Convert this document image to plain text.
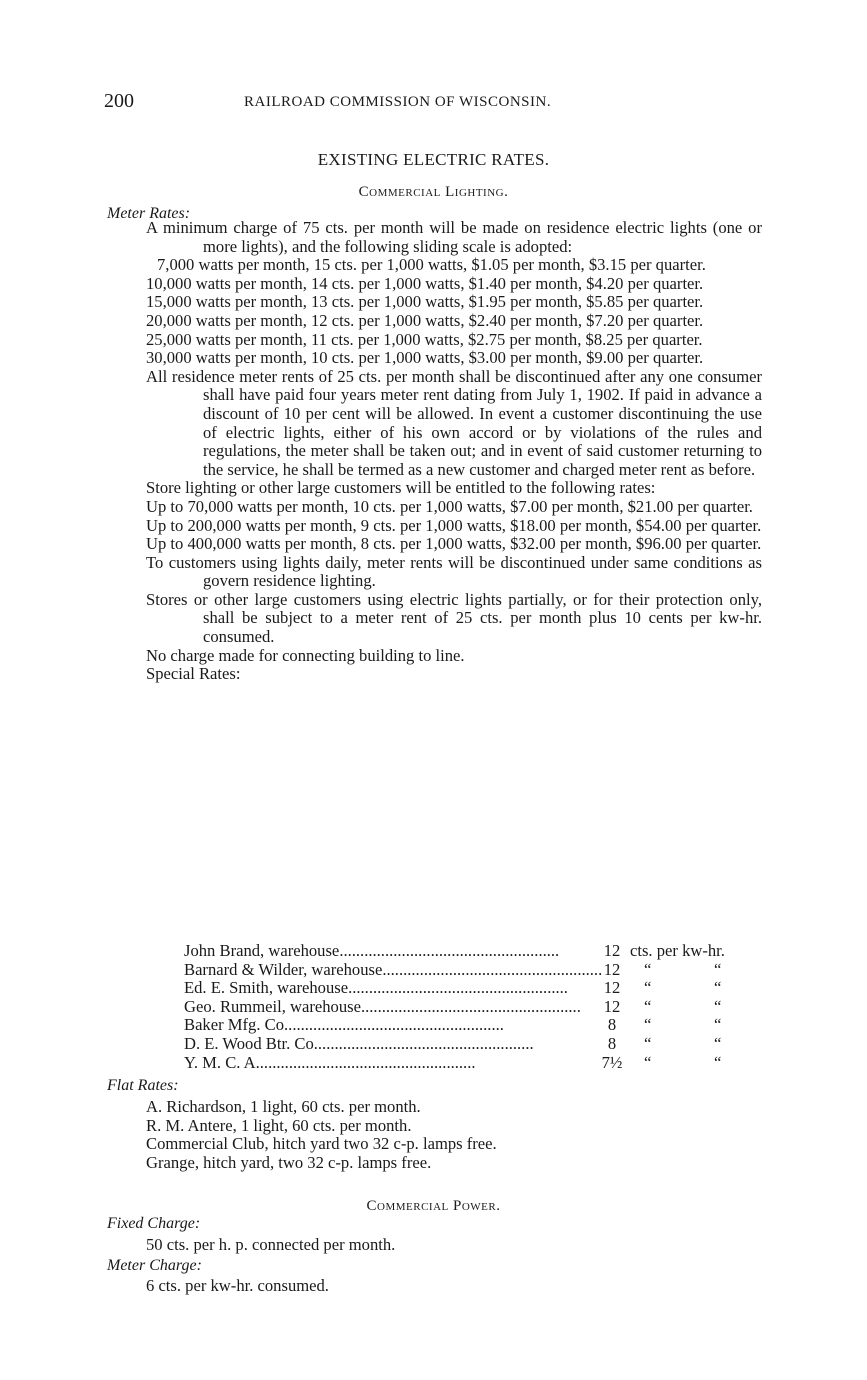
200	RAILROAD COMMISSION OF WISCONSIN.
EXISTING ELECTRIC RATES.
Commercial Lighting.
Meter Rates:

A minimum charge of 75 cts. per month will be made on residence electric lights (one or more lights), and the following sliding scale is adopted:

7,000 watts per month, 15 cts. per 1,000 watts, $1.05 per month, $3.15 per quarter.

10,000 watts per month, 14 cts. per 1,000 watts, $1.40 per month, $4.20 per quarter.

15,000 watts per month, 13 cts. per 1,000 watts, $1.95 per month, $5.85 per quarter.

20,000 watts per month, 12 cts. per 1,000 watts, $2.40 per month, $7.20 per quarter.

25,000 watts per month, 11 cts. per 1,000 watts, $2.75 per month, $8.25 per quarter.

30,000 watts per month, 10 cts. per 1,000 watts, $3.00 per month, $9.00 per quarter.

All residence meter rents of 25 cts. per month shall be discontinued after any one consumer shall have paid four years meter rent dating from July 1, 1902. If paid in advance a discount of 10 per cent will be allowed. In event a customer discontinuing the use of electric lights, either of his own accord or by violations of the rules and regulations, the meter shall be taken out; and in event of said customer returning to the service, he shall be termed as a new customer and charged meter rent as before.

Store lighting or other large customers will be entitled to the following rates:

Up to 70,000 watts per month, 10 cts. per 1,000 watts, $7.00 per month, $21.00 per quarter.

Up to 200,000 watts per month, 9 cts. per 1,000 watts, $18.00 per month, $54.00 per quarter.

Up to 400,000 watts per month, 8 cts. per 1,000 watts, $32.00 per month, $96.00 per quarter.

To customers using lights daily, meter rents will be discontinued under same conditions as govern residence lighting.

Stores or other large customers using electric lights partially, or for their protection only, shall be subject to a meter rent of 25 cts. per month plus 10 cents per kw-hr. consumed.

No charge made for connecting building to line.

Special Rates:

John Brand, warehouse.....................................................	12 cts. per kw-hr.
Barnard & Wilder, warehouse..................................................... 12	“	“
Ed. E. Smith, warehouse.....................................................	12	“	“
Geo. Rummeil, warehouse.....................................................	12	“	“
Baker Mfg. Co.....................................................	8	“	“
D. E. Wood Btr. Co.....................................................	8	“	“
Y. M. C. A.....................................................	7½ “	“
Flat Rates:

A. Richardson, 1 light, 60 cts. per month.

R. M. Antere, 1 light, 60 cts. per month.

Commercial Club, hitch yard two 32 c-p. lamps free.

Grange, hitch yard, two 32 c-p. lamps free.

Commercial Power.
Fixed Charge:
50 cts. per h. p. connected per month.
Meter Charge:
6 cts. per kw-hr. consumed.
